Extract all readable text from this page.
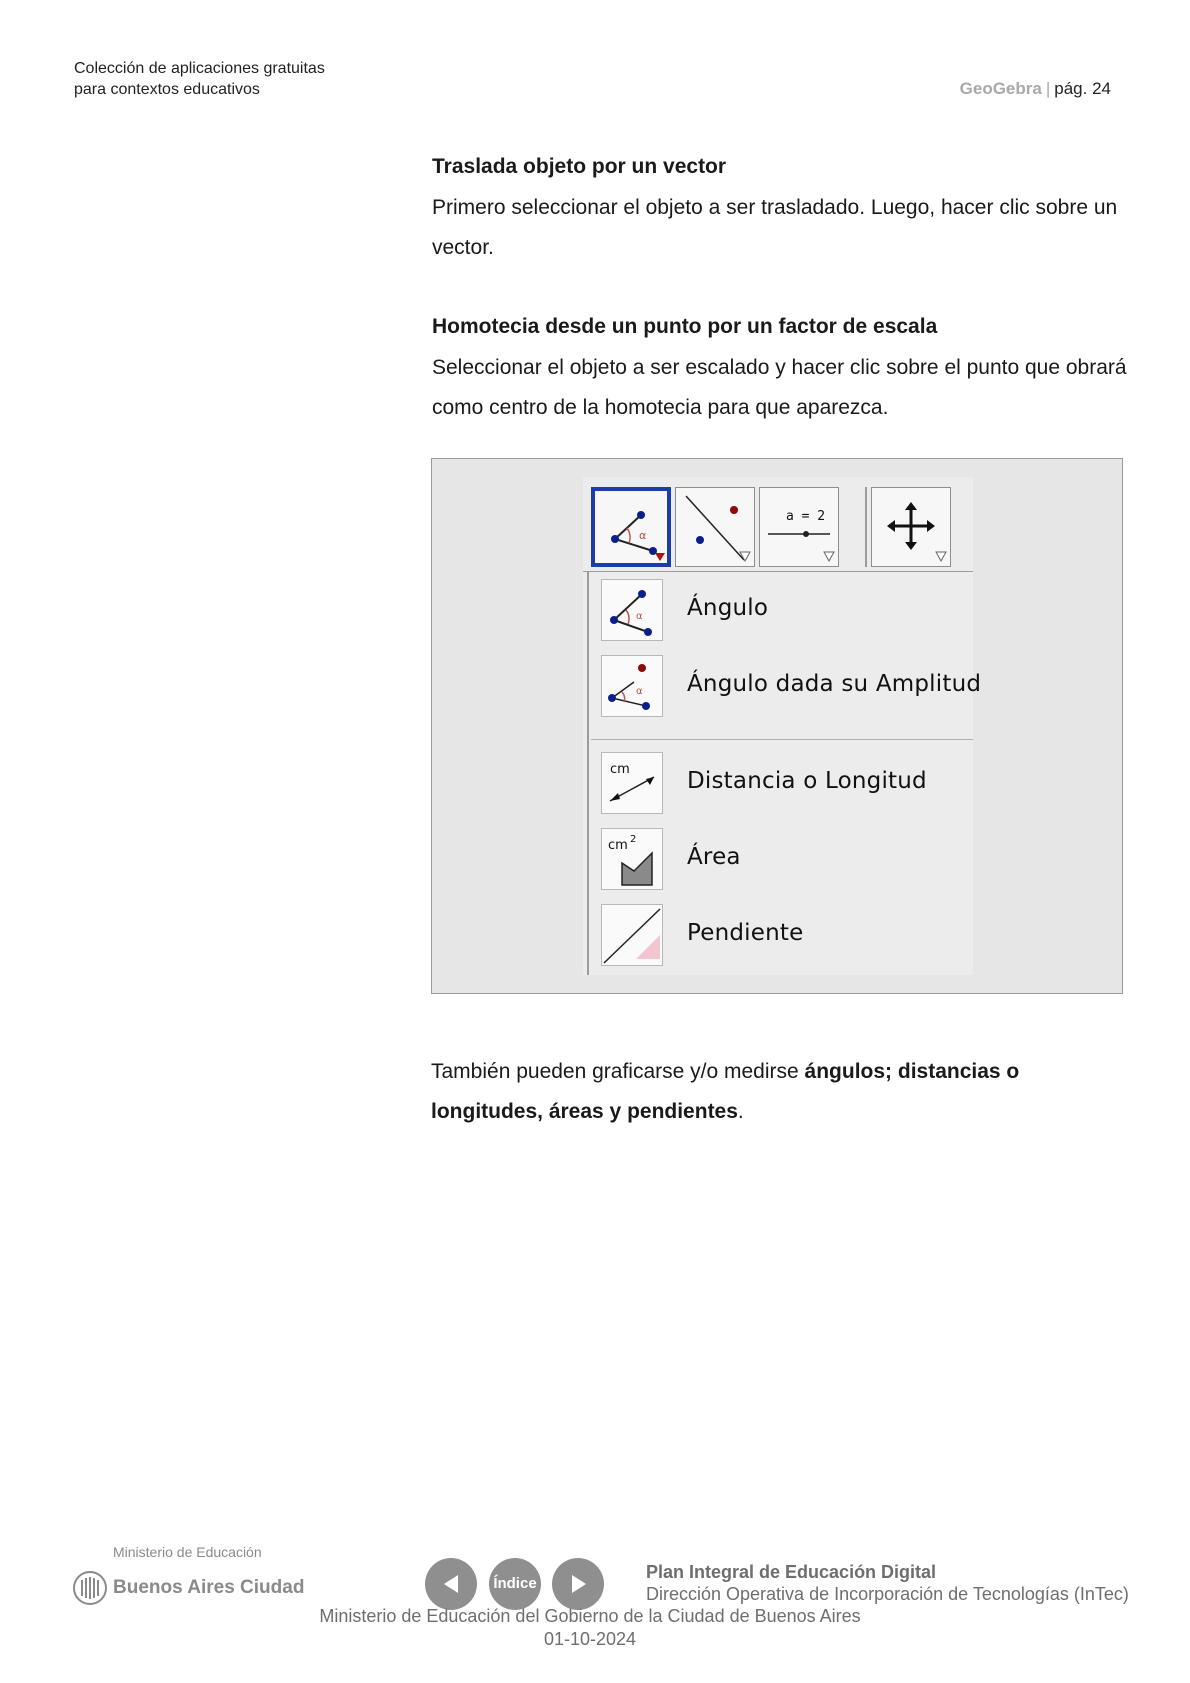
Colección de aplicaciones gratuitas
para contextos educativos	GeoGebra | pág. 24
Traslada objeto por un vector
Primero seleccionar el objeto a ser trasladado. Luego, hacer clic sobre un vector.
Homotecia desde un punto por un factor de escala
Seleccionar el objeto a ser escalado y hacer clic sobre el punto que obrará como centro de la homotecia para que aparezca.
α
a = 2
α Ángulo
α Ángulo dada su Amplitud
cm Distancia o Longitud
cm 2
Área
Pendiente
También pueden graficarse y/o medirse ángulos; distancias o longitudes, áreas y pendientes.
Ministerio de Educación
Buenos Aires Ciudad	Índice
Plan Integral de Educación Digital
Dirección Operativa de Incorporación de Tecnologías (InTec)
Ministerio de Educación del Gobierno de la Ciudad de Buenos Aires
01-10-2024
